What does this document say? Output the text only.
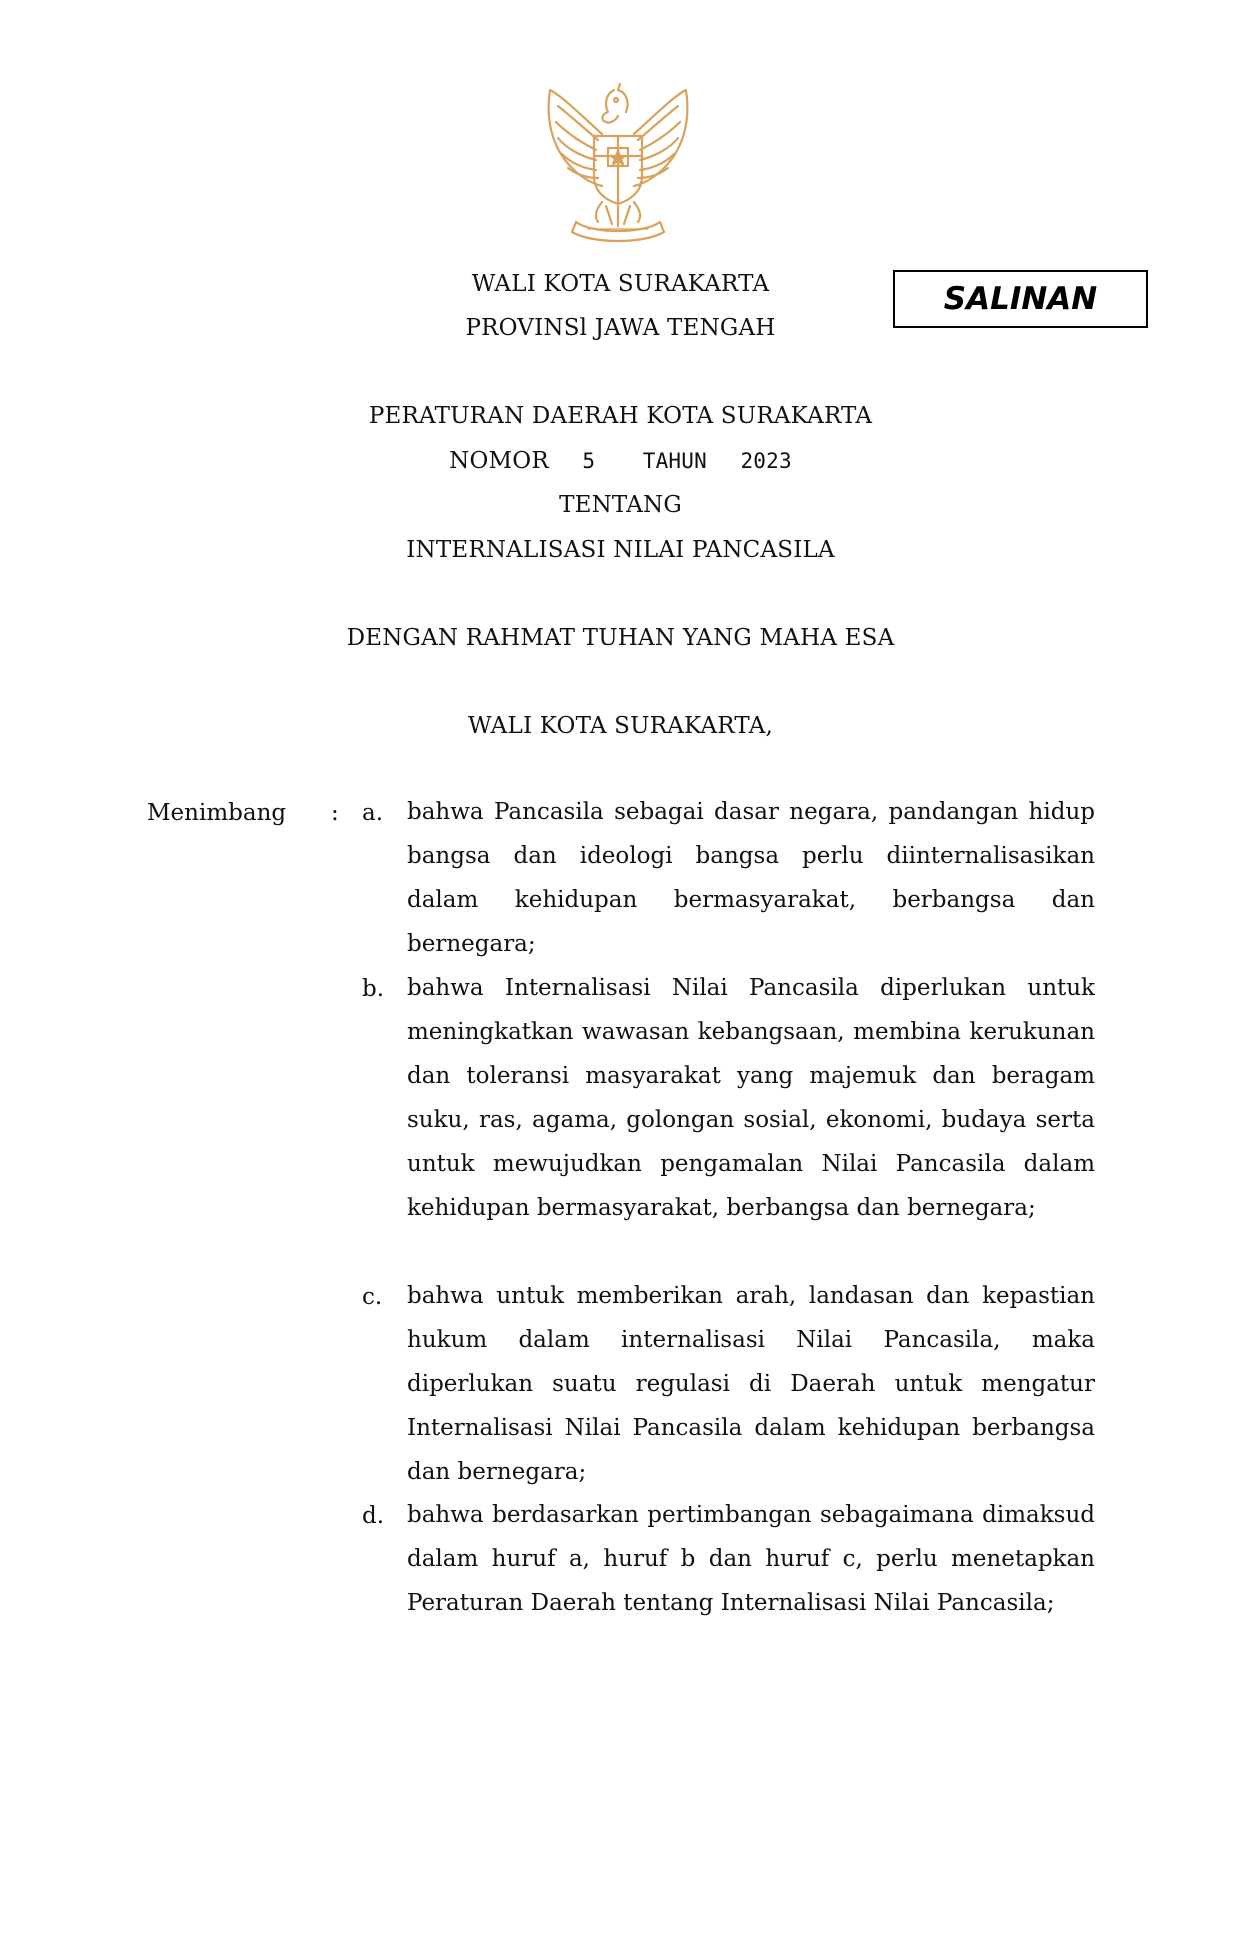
SALINAN
WALI KOTA SURAKARTA
PROVINSl JAWA TENGAH
PERATURAN DAERAH KOTA SURAKARTA
NOMOR 5 TAHUN 2023
TENTANG
INTERNALISASI NILAI PANCASILA
DENGAN RAHMAT TUHAN YANG MAHA ESA
WALI KOTA SURAKARTA,
Menimbang : a. bahwa Pancasila sebagai dasar negara, pandangan hidup bangsa dan ideologi bangsa perlu diinternalisasikan dalam kehidupan bermasyarakat, berbangsa dan bernegara;
b. bahwa Internalisasi Nilai Pancasila diperlukan untuk meningkatkan wawasan kebangsaan, membina kerukunan dan toleransi masyarakat yang majemuk dan beragam suku, ras, agama, golongan sosial, ekonomi, budaya serta untuk mewujudkan pengamalan Nilai Pancasila dalam kehidupan bermasyarakat, berbangsa dan bernegara;
c. bahwa untuk memberikan arah, landasan dan kepastian hukum dalam internalisasi Nilai Pancasila, maka diperlukan suatu regulasi di Daerah untuk mengatur Internalisasi Nilai Pancasila dalam kehidupan berbangsa dan bernegara;
d. bahwa berdasarkan pertimbangan sebagaimana dimaksud dalam huruf a, huruf b dan huruf c, perlu menetapkan Peraturan Daerah tentang Internalisasi Nilai Pancasila;
